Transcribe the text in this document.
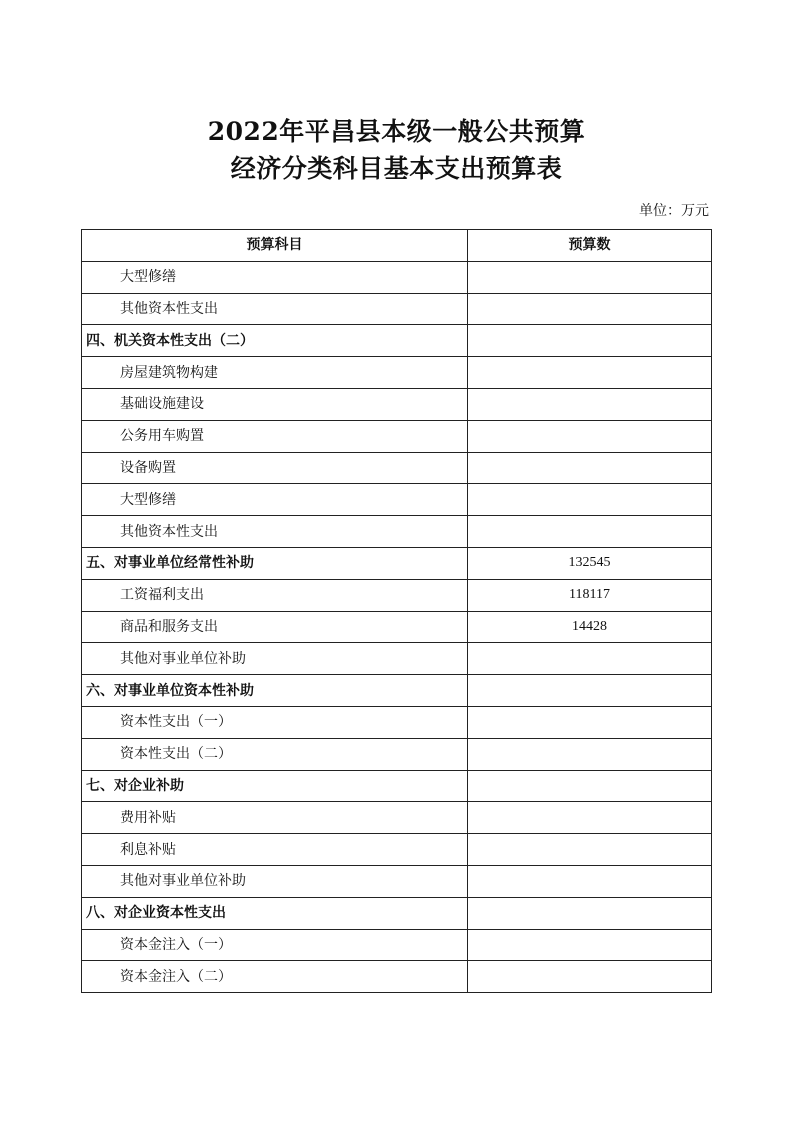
2022年平昌县本级一般公共预算
经济分类科目基本支出预算表
单位：万元
预算科目	预算数
大型修缮	
其他资本性支出	
四、机关资本性支出（二）	
房屋建筑物构建	
基础设施建设	
公务用车购置	
设备购置	
大型修缮	
其他资本性支出	
五、对事业单位经常性补助	132545
工资福利支出	118117
商品和服务支出	14428
其他对事业单位补助	
六、对事业单位资本性补助	
资本性支出（一）	
资本性支出（二）	
七、对企业补助	
费用补贴	
利息补贴	
其他对事业单位补助	
八、对企业资本性支出	
资本金注入（一）	
资本金注入（二）	
